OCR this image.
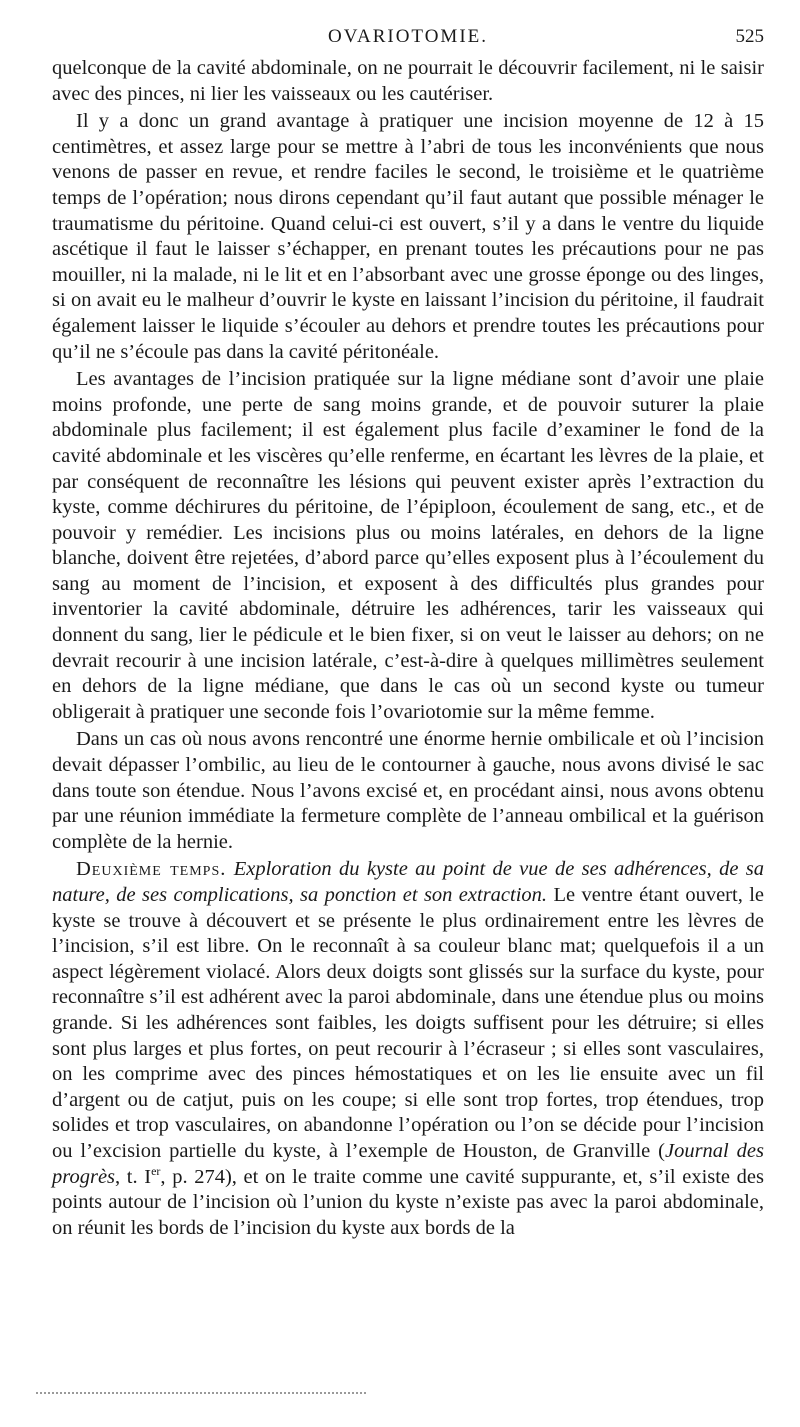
OVARIOTOMIE.	525

quelconque de la cavité abdominale, on ne pourrait le découvrir facilement, ni le saisir avec des pinces, ni lier les vaisseaux ou les cautériser.

Il y a donc un grand avantage à pratiquer une incision moyenne de 12 à 15 centimètres, et assez large pour se mettre à l’abri de tous les inconvénients que nous venons de passer en revue, et rendre faciles le second, le troisième et le quatrième temps de l’opération; nous dirons cependant qu’il faut autant que possible ménager le traumatisme du péritoine. Quand celui-ci est ouvert, s’il y a dans le ventre du liquide ascétique il faut le laisser s’échapper, en prenant toutes les précautions pour ne pas mouiller, ni la malade, ni le lit et en l’absorbant avec une grosse éponge ou des linges, si on avait eu le malheur d’ouvrir le kyste en laissant l’incision du péritoine, il faudrait également laisser le liquide s’écouler au dehors et prendre toutes les précautions pour qu’il ne s’écoule pas dans la cavité péritonéale.

Les avantages de l’incision pratiquée sur la ligne médiane sont d’avoir une plaie moins profonde, une perte de sang moins grande, et de pouvoir suturer la plaie abdominale plus facilement; il est également plus facile d’examiner le fond de la cavité abdominale et les viscères qu’elle renferme, en écartant les lèvres de la plaie, et par conséquent de reconnaître les lésions qui peuvent exister après l’extraction du kyste, comme déchirures du péritoine, de l’épiploon, écoulement de sang, etc., et de pouvoir y remédier. Les incisions plus ou moins latérales, en dehors de la ligne blanche, doivent être rejetées, d’abord parce qu’elles exposent plus à l’écoulement du sang au moment de l’incision, et exposent à des difficultés plus grandes pour inventorier la cavité abdominale, détruire les adhérences, tarir les vaisseaux qui donnent du sang, lier le pédicule et le bien fixer, si on veut le laisser au dehors; on ne devrait recourir à une incision latérale, c’est-à-dire à quelques millimètres seulement en dehors de la ligne médiane, que dans le cas où un second kyste ou tumeur obligerait à pratiquer une seconde fois l’ovariotomie sur la même femme.

Dans un cas où nous avons rencontré une énorme hernie ombilicale et où l’incision devait dépasser l’ombilic, au lieu de le contourner à gauche, nous avons divisé le sac dans toute son étendue. Nous l’avons excisé et, en procédant ainsi, nous avons obtenu par une réunion immédiate la fermeture complète de l’anneau ombilical et la guérison complète de la hernie.

Deuxième temps. Exploration du kyste au point de vue de ses adhérences, de sa nature, de ses complications, sa ponction et son extraction. Le ventre étant ouvert, le kyste se trouve à découvert et se présente le plus ordinairement entre les lèvres de l’incision, s’il est libre. On le reconnaît à sa couleur blanc mat; quelquefois il a un aspect légèrement violacé. Alors deux doigts sont glissés sur la surface du kyste, pour reconnaître s’il est adhérent avec la paroi abdominale, dans une étendue plus ou moins grande. Si les adhérences sont faibles, les doigts suffisent pour les détruire; si elles sont plus larges et plus fortes, on peut recourir à l’écraseur ; si elles sont vasculaires, on les comprime avec des pinces hémostatiques et on les lie ensuite avec un fil d’argent ou de catjut, puis on les coupe; si elle sont trop fortes, trop étendues, trop solides et trop vasculaires, on abandonne l’opération ou l’on se décide pour l’incision ou l’excision partielle du kyste, à l’exemple de Houston, de Granville (Journal des progrès, t. Ier, p. 274), et on le traite comme une cavité suppurante, et, s’il existe des points autour de l’incision où l’union du kyste n’existe pas avec la paroi abdominale, on réunit les bords de l’incision du kyste aux bords de la
